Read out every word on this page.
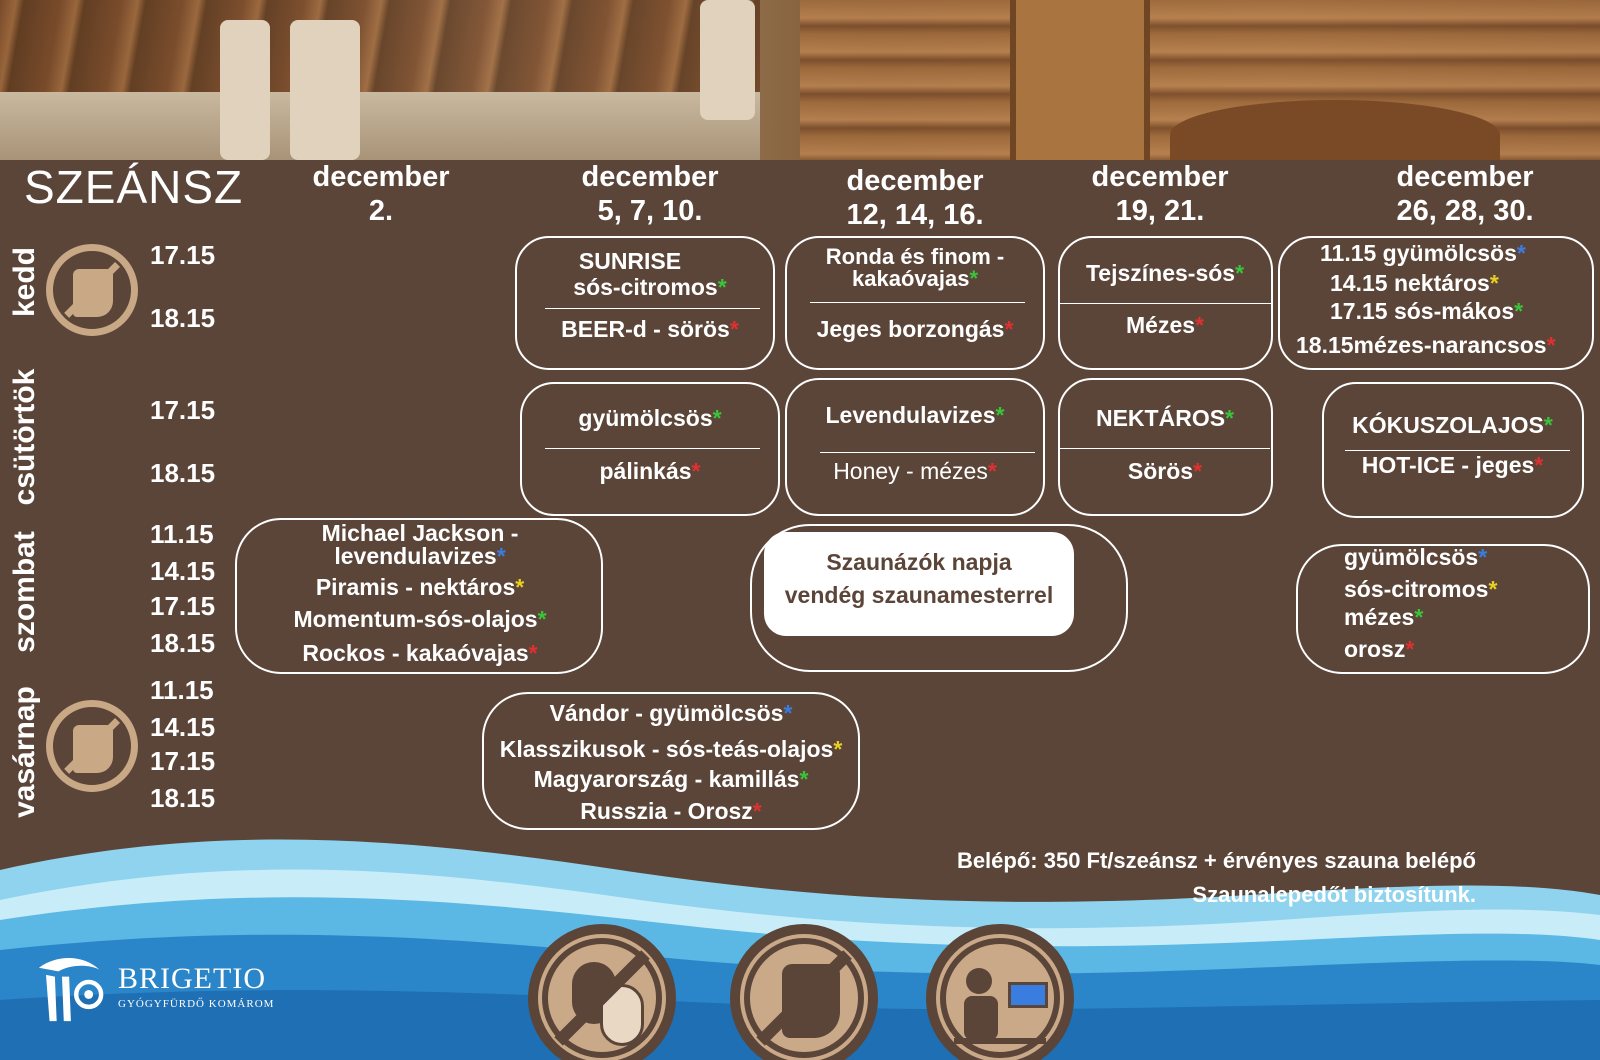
SZEÁNSZ	december
2.
december
5, 7, 10.
december
12, 14, 16.
december
19, 21.
december
26, 28, 30.
kedd
csütörtök
szombat
vasárnap
17.15
18.15
17.15
18.15
11.15
14.15
17.15
18.15
11.15
14.15
17.15
18.15
SUNRISE
sós-citromos*
BEER-d - sörös*
Ronda és finom -
kakaóvajas*
Jeges borzongás*
Tejszínes-sós*
Mézes*
11.15 gyümölcsös*
14.15 nektáros*
17.15 sós-mákos*
18.15mézes-narancsos*
gyümölcsös*
pálinkás*
Levendulavizes*
Honey - mézes*
NEKTÁROS*
Sörös*
KÓKUSZOLAJOS*
HOT-ICE - jeges*
Michael Jackson -
levendulavizes*
Piramis - nektáros*
Momentum-sós-olajos*
Rockos - kakaóvajas*
Szaunázók napja
vendég szaunamesterrel
gyümölcsös*
sós-citromos*
mézes*
orosz*
Vándor - gyümölcsös*
Klasszikusok - sós-teás-olajos*
Magyarország - kamillás*
Russzia - Orosz*
Belépő: 350 Ft/szeánsz + érvényes szauna belépő
Szaunalepedőt biztosítunk.
BRIGETIO
GYÓGYFÜRDŐ KOMÁROM
